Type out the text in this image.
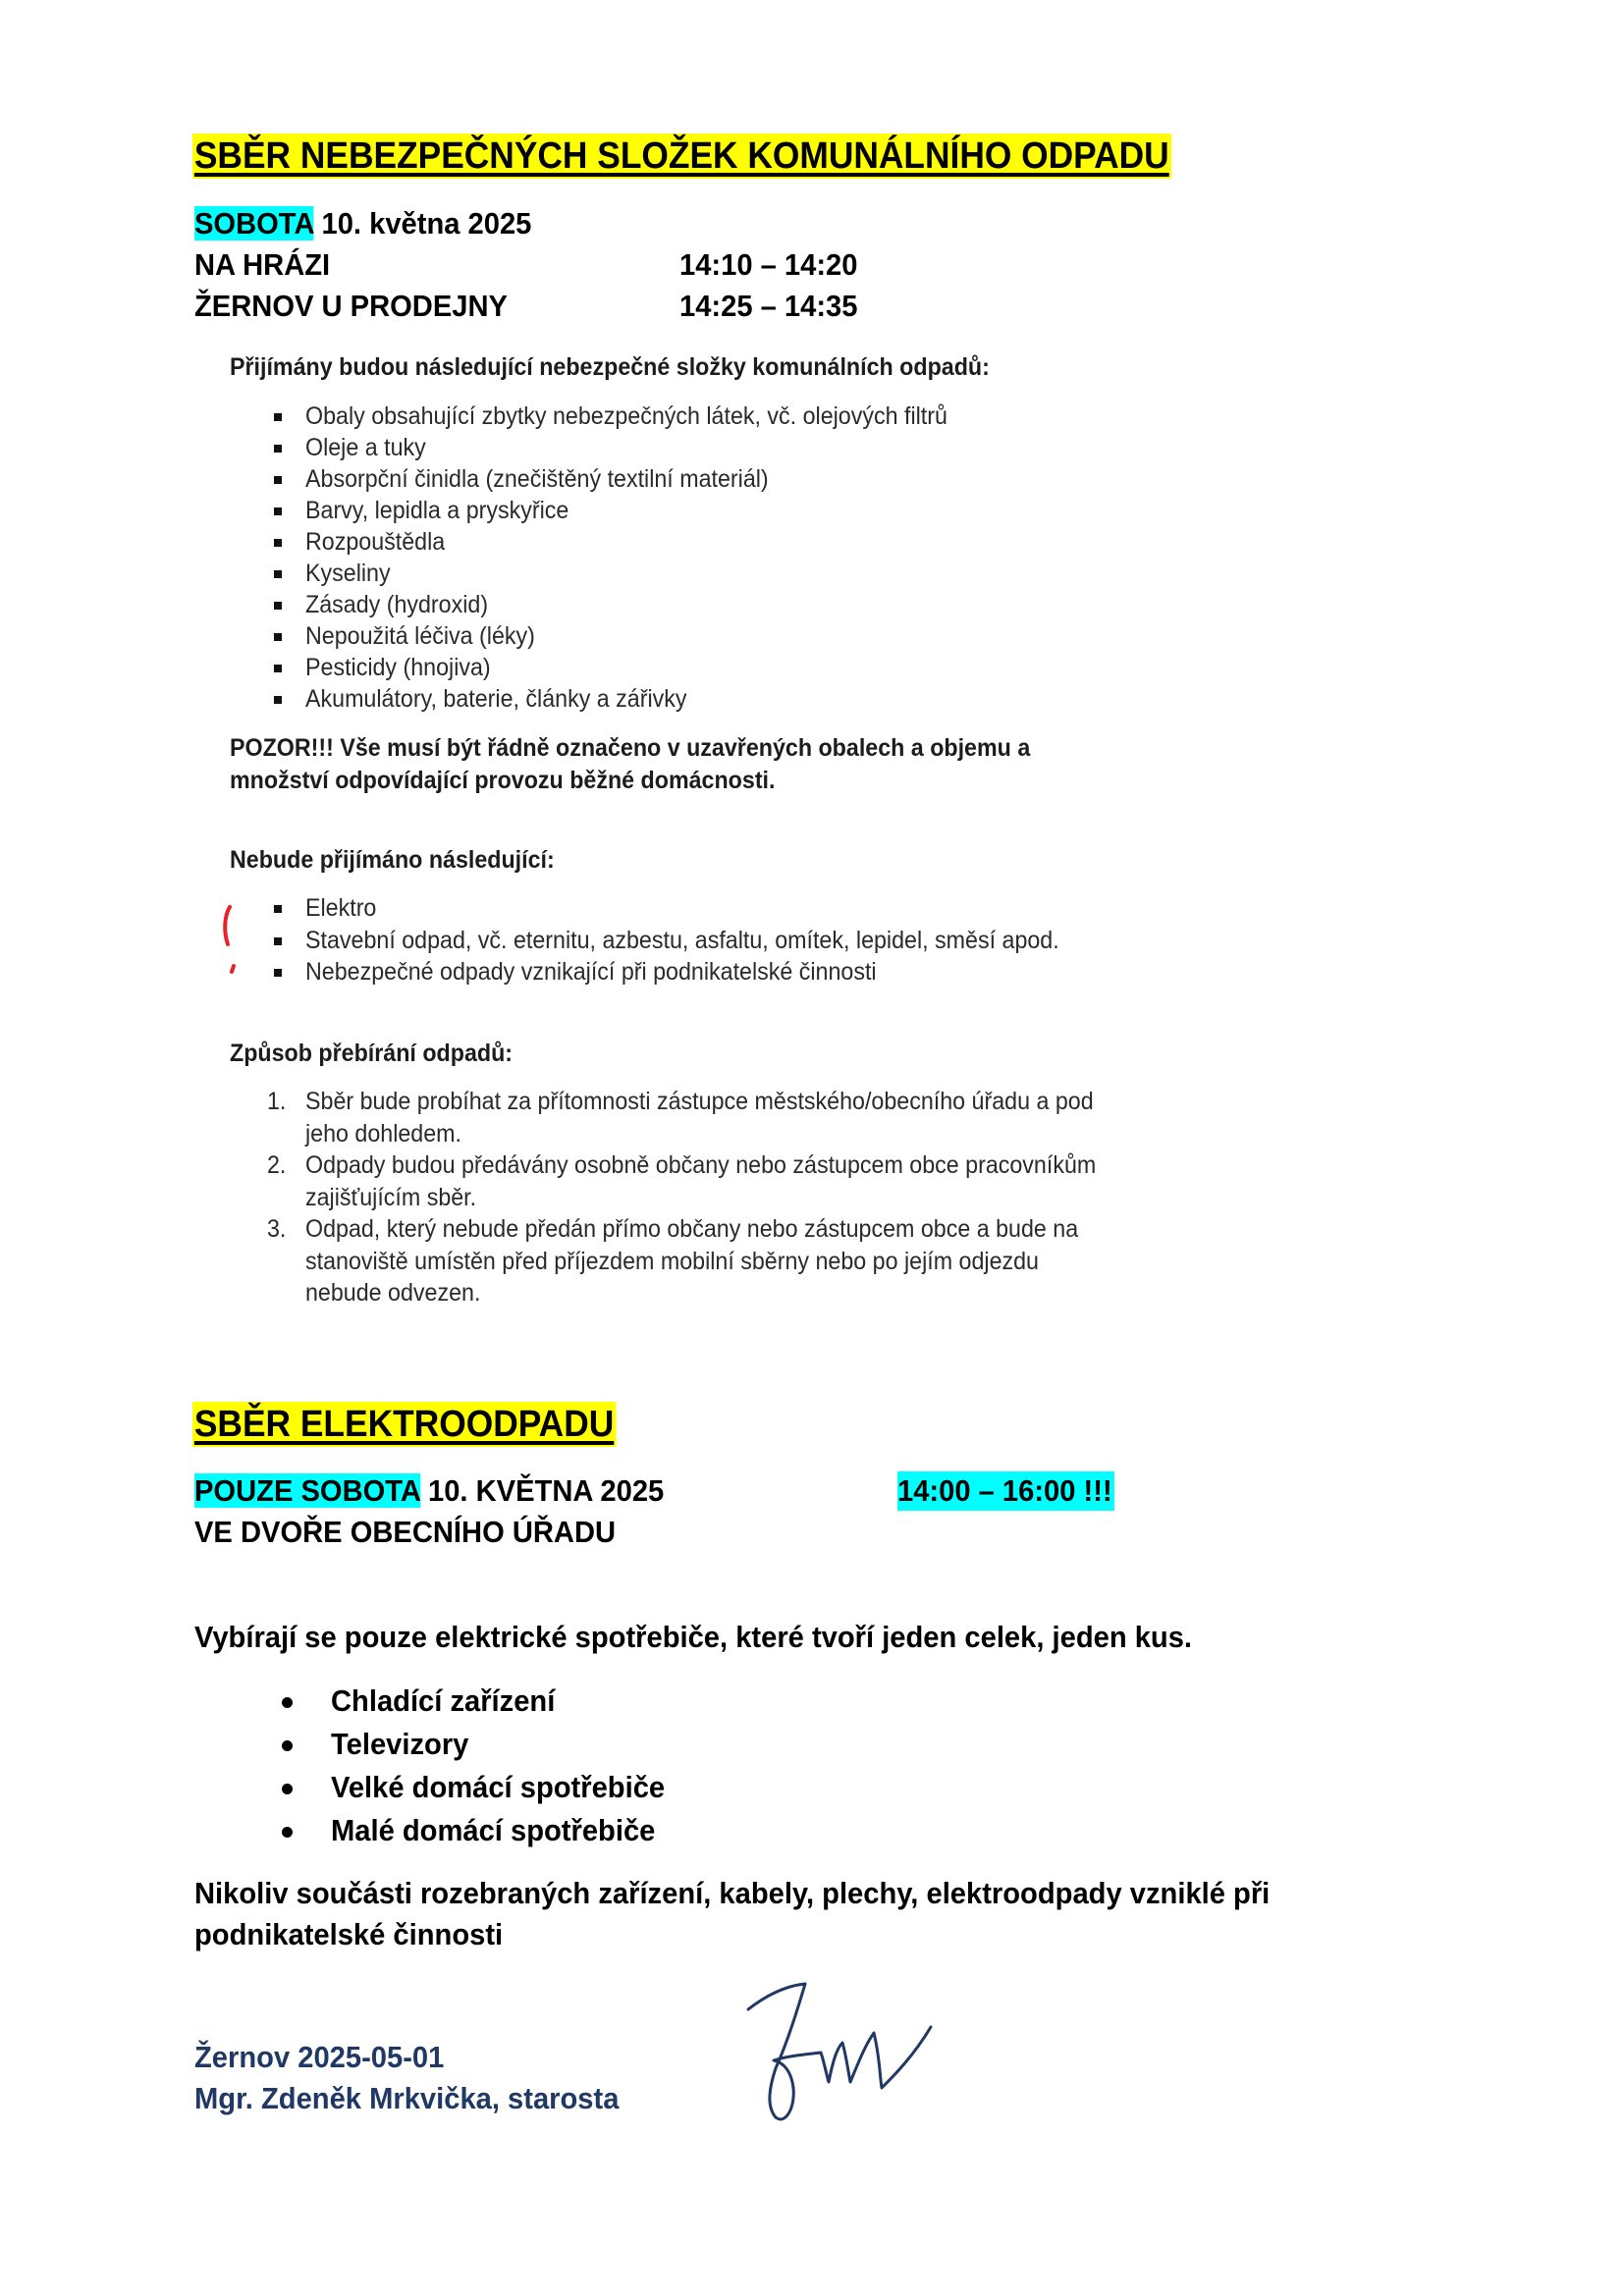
SBĚR NEBEZPEČNÝCH SLOŽEK KOMUNÁLNÍHO ODPADU
SOBOTA 10. května 2025
NA HRÁZI	14:10 – 14:20
ŽERNOV U PRODEJNY	14:25 – 14:35
Přijímány budou následující nebezpečné složky komunálních odpadů:
Obaly obsahující zbytky nebezpečných látek, vč. olejových filtrů
Oleje a tuky
Absorpční činidla (znečištěný textilní materiál)
Barvy, lepidla a pryskyřice
Rozpouštědla
Kyseliny
Zásady (hydroxid)
Nepoužitá léčiva (léky)
Pesticidy (hnojiva)
Akumulátory, baterie, články a zářivky
POZOR!!! Vše musí být řádně označeno v uzavřených obalech a objemu a
množství odpovídající provozu běžné domácnosti.
Nebude přijímáno následující:
Elektro
Stavební odpad, vč. eternitu, azbestu, asfaltu, omítek, lepidel, směsí apod.
Nebezpečné odpady vznikající při podnikatelské činnosti
Způsob přebírání odpadů:
1. Sběr bude probíhat za přítomnosti zástupce městského/obecního úřadu a pod
jeho dohledem.
2. Odpady budou předávány osobně občany nebo zástupcem obce pracovníkům
zajišťujícím sběr.
3. Odpad, který nebude předán přímo občany nebo zástupcem obce a bude na
stanoviště umístěn před příjezdem mobilní sběrny nebo po jejím odjezdu
nebude odvezen.
SBĚR ELEKTROODPADU
POUZE SOBOTA 10. KVĚTNA 2025	14:00 – 16:00 !!!
VE DVOŘE OBECNÍHO ÚŘADU
Vybírají se pouze elektrické spotřebiče, které tvoří jeden celek, jeden kus.
Chladící zařízení
Televizory
Velké domácí spotřebiče
Malé domácí spotřebiče
Nikoliv součásti rozebraných zařízení, kabely, plechy, elektroodpady vzniklé při
podnikatelské činnosti
Žernov 2025-05-01
Mgr. Zdeněk Mrkvička, starosta
